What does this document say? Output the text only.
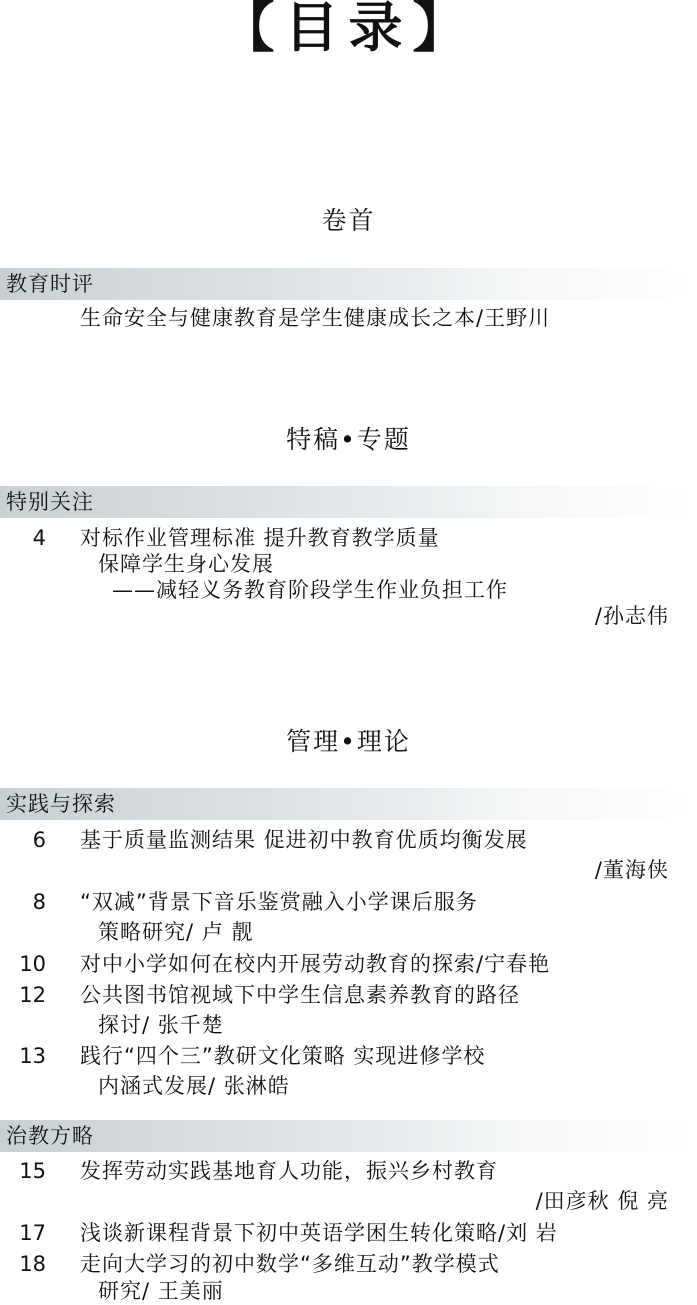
【目录】
卷首
教育时评
生命安全与健康教育是学生健康成长之本/王野川
特稿•专题
特别关注
4 对标作业管理标准 提升教育教学质量
保障学生身心发展
——减轻义务教育阶段学生作业负担工作
/孙志伟
管理•理论
实践与探索
6 基于质量监测结果 促进初中教育优质均衡发展
/董海侠
8 “双减”背景下音乐鉴赏融入小学课后服务
策略研究/ 卢 靓
10 对中小学如何在校内开展劳动教育的探索/宁春艳
12 公共图书馆视域下中学生信息素养教育的路径
探讨/ 张千楚
13 践行“四个三”教研文化策略 实现进修学校
内涵式发展/ 张淋皓
治教方略
15 发挥劳动实践基地育人功能，振兴乡村教育
/田彦秋 倪 亮
17 浅谈新课程背景下初中英语学困生转化策略/刘 岩
18 走向大学习的初中数学“多维互动”教学模式
研究/ 王美丽
